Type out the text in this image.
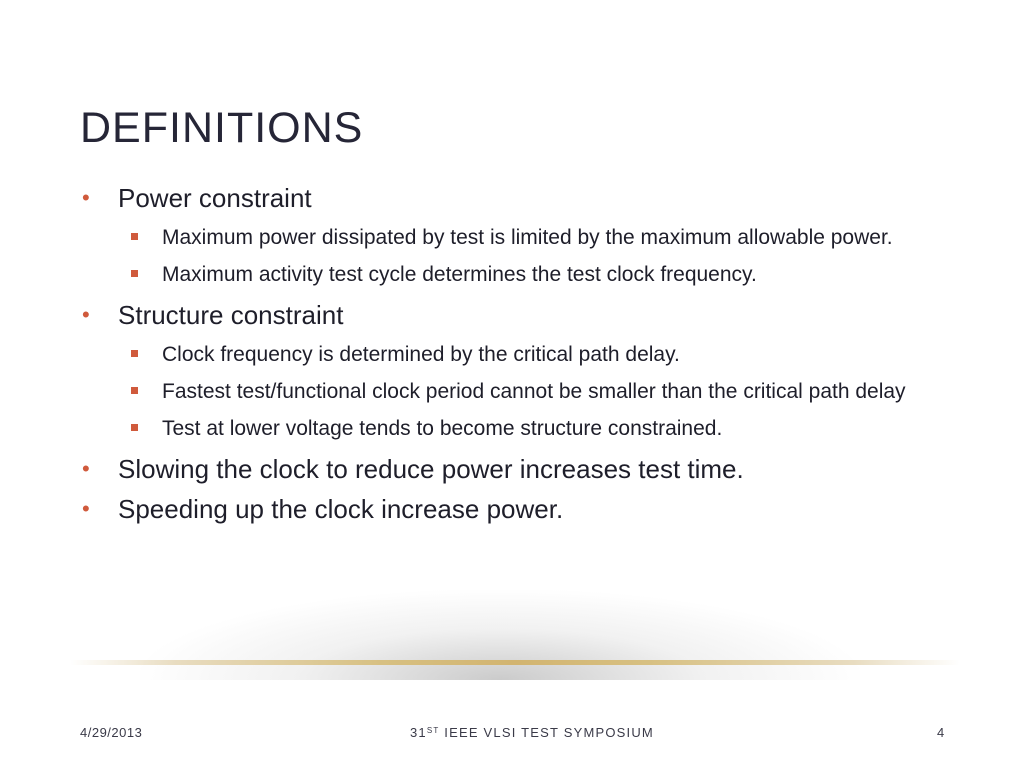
DEFINITIONS
• Power constraint
Maximum power dissipated by test is limited by the maximum allowable power.
Maximum activity test cycle determines the test clock frequency.
• Structure constraint
Clock frequency is determined by the critical path delay.
Fastest test/functional clock period cannot be smaller than the critical path delay
Test at lower voltage tends to become structure constrained.
• Slowing the clock to reduce power increases test time.
• Speeding up the clock increase power.
4/29/2013	31ST IEEE VLSI TEST SYMPOSIUM	4
